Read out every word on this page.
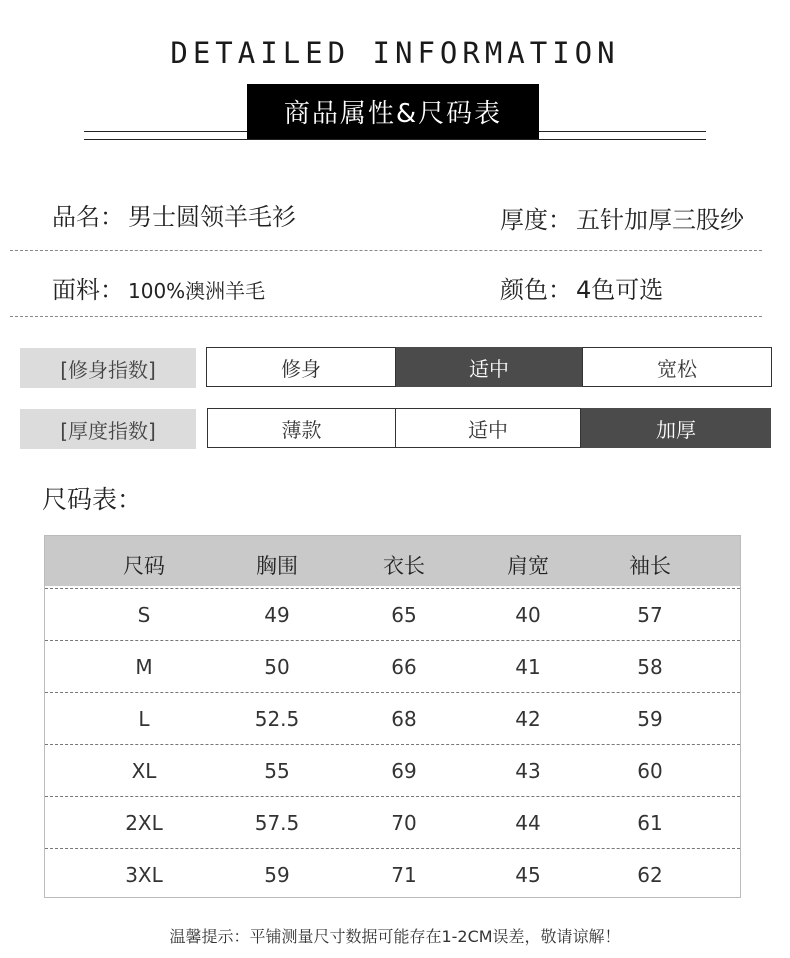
DETAILED INFORMATION
商品属性&尺码表
品名： 男士圆领羊毛衫	厚度： 五针加厚三股纱
面料： 100%澳洲羊毛	颜色： 4色可选
[修身指数]	修身	适中	宽松
[厚度指数]	薄款	适中	加厚
尺码表：
尺码	胸围	衣长	肩宽	袖长
S	49	65	40	57
M	50	66	41	58
L	52.5	68	42	59
XL	55	69	43	60
2XL	57.5	70	44	61
3XL	59	71	45	62
温馨提示：平铺测量尺寸数据可能存在1-2CM误差，敬请谅解！
